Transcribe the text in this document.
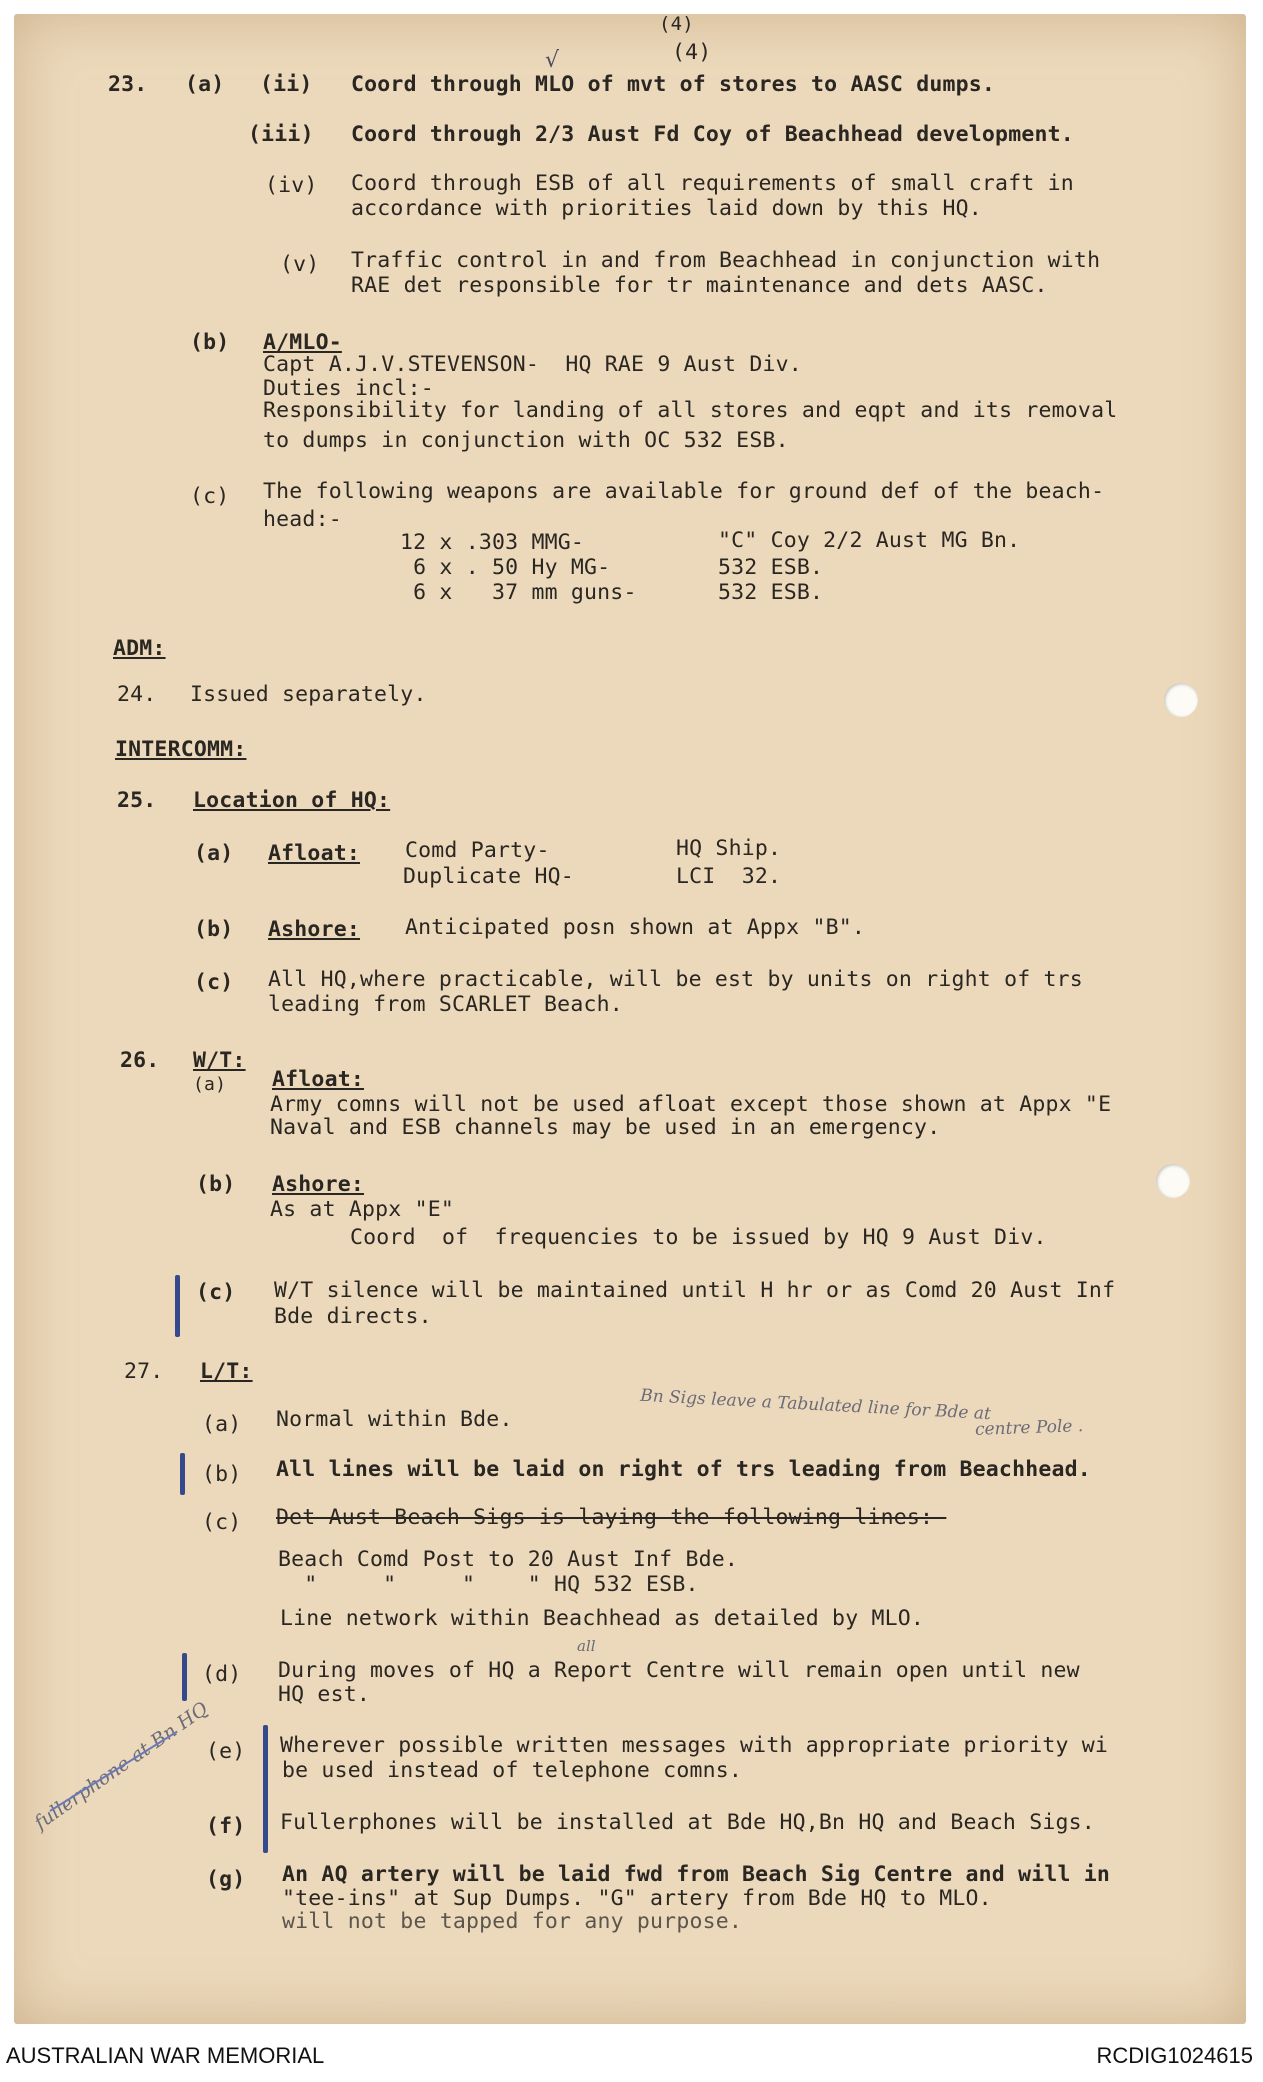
(4)
(4)
23. (a) (ii) Coord through MLO of mvt of stores to AASC dumps.
√
(iii) Coord through 2/3 Aust Fd Coy of Beachhead development.
(iv) Coord through ESB of all requirements of small craft in
accordance with priorities laid down by this HQ.
(v) Traffic control in and from Beachhead in conjunction with
RAE det responsible for tr maintenance and dets AASC.
(b) A/MLO-
Capt A.J.V.STEVENSON-  HQ RAE 9 Aust Div.
Duties incl:-
Responsibility for landing of all stores and eqpt and its removal
to dumps in conjunction with OC 532 ESB.
(c) The following weapons are available for ground def of the beach-
head:-
12 x .303 MMG-	"C" Coy 2/2 Aust MG Bn.
6 x . 50 Hy MG-	532 ESB.
6 x   37 mm guns-	532 ESB.
ADM:
24. Issued separately.
INTERCOMM:
25. Location of HQ:
(a) Afloat: Comd Party-	HQ Ship.
Duplicate HQ-	LCI  32.
(b) Ashore: Anticipated posn shown at Appx "B".
(c) All HQ,where practicable, will be est by units on right of trs
leading from SCARLET Beach.
26. W/T:
(a) Afloat:
Army comns will not be used afloat except those shown at Appx "E
Naval and ESB channels may be used in an emergency.
(b) Ashore:
As at Appx "E"
Coord  of  frequencies to be issued by HQ 9 Aust Div.
(c) W/T silence will be maintained until H hr or as Comd 20 Aust Inf
Bde directs.
27. L/T:
(a) Normal within Bde.	Bn Sigs leave a Tabulated line for Bde at
centre Pole .
(b) All lines will be laid on right of trs leading from Beachhead.
(c) Det Aust Beach Sigs is laying the following lines:-
Beach Comd Post to 20 Aust Inf Bde.
"     "     "    " HQ 532 ESB.
Line network within Beachhead as detailed by MLO.
(d) During moves of HQ a Report Centre will remain open until new
HQ est.
all
fullerphone  Bn HQ
(e) Wherever possible written messages with appropriate priority wi
be used instead of telephone comns.
(f) Fullerphones will be installed at Bde HQ,Bn HQ and Beach Sigs.
(g) An AQ artery will be laid fwd from Beach Sig Centre and will in
"tee-ins" at Sup Dumps. "G" artery from Bde HQ to MLO.
will not be tapped for any purpose.
AUSTRALIAN WAR MEMORIAL	RCDIG1024615
